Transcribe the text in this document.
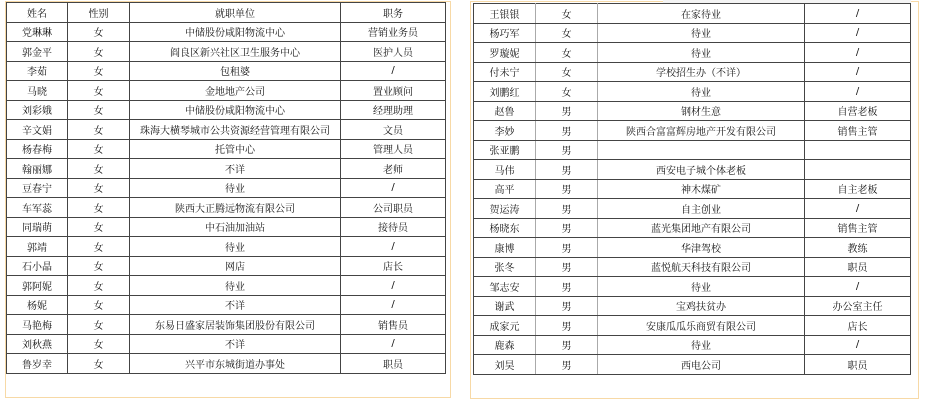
姓名	性别	就职单位	职务
党琳琳	女	中储股份咸阳物流中心	营销业务员
郭金平	女	阎良区新兴社区卫生服务中心	医护人员
李茹	女	包租婆	/
马晓	女	金地地产公司	置业顾问
刘彩娥	女	中储股份咸阳物流中心	经理助理
辛文娟	女	珠海大横琴城市公共资源经营管理有限公司	文员
杨春梅	女	托管中心	管理人员
翰丽娜	女	不详	老师
豆春宁	女	待业	/
车军蕊	女	陕西大正腾远物流有限公司	公司职员
同瑞萌	女	中石油加油站	接待员
郭靖	女	待业	/
石小晶	女	网店	店长
郭阿妮	女	待业	/
杨妮	女	不详	/
马艳梅	女	东易日盛家居装饰集团股份有限公司	销售员
刘秋燕	女	不详	/
鲁岁幸	女	兴平市东城街道办事处	职员
王银银	女	在家待业	/
杨巧军	女	待业	/
罗璇妮	女	待业	/
付未宁	女	学校招生办（不详）	/
刘鹏红	女	待业	/
赵鲁	男	钢材生意	自营老板
李妙	男	陕西合富富辉房地产开发有限公司	销售主管
张亚鹏	男		
马伟	男	西安电子城个体老板	
高平	男	神木煤矿	自主老板
贺运涛	男	自主创业	/
杨晓东	男	蓝光集团地产有限公司	销售主管
康博	男	华津驾校	教练
张冬	男	蓝悦航天科技有限公司	职员
邹志安	男	待业	/
谢武	男	宝鸡扶贫办	办公室主任
成家元	男	安康瓜瓜乐商贸有限公司	店长
鹿森	男	待业	/
刘昊	男	西电公司	职员
